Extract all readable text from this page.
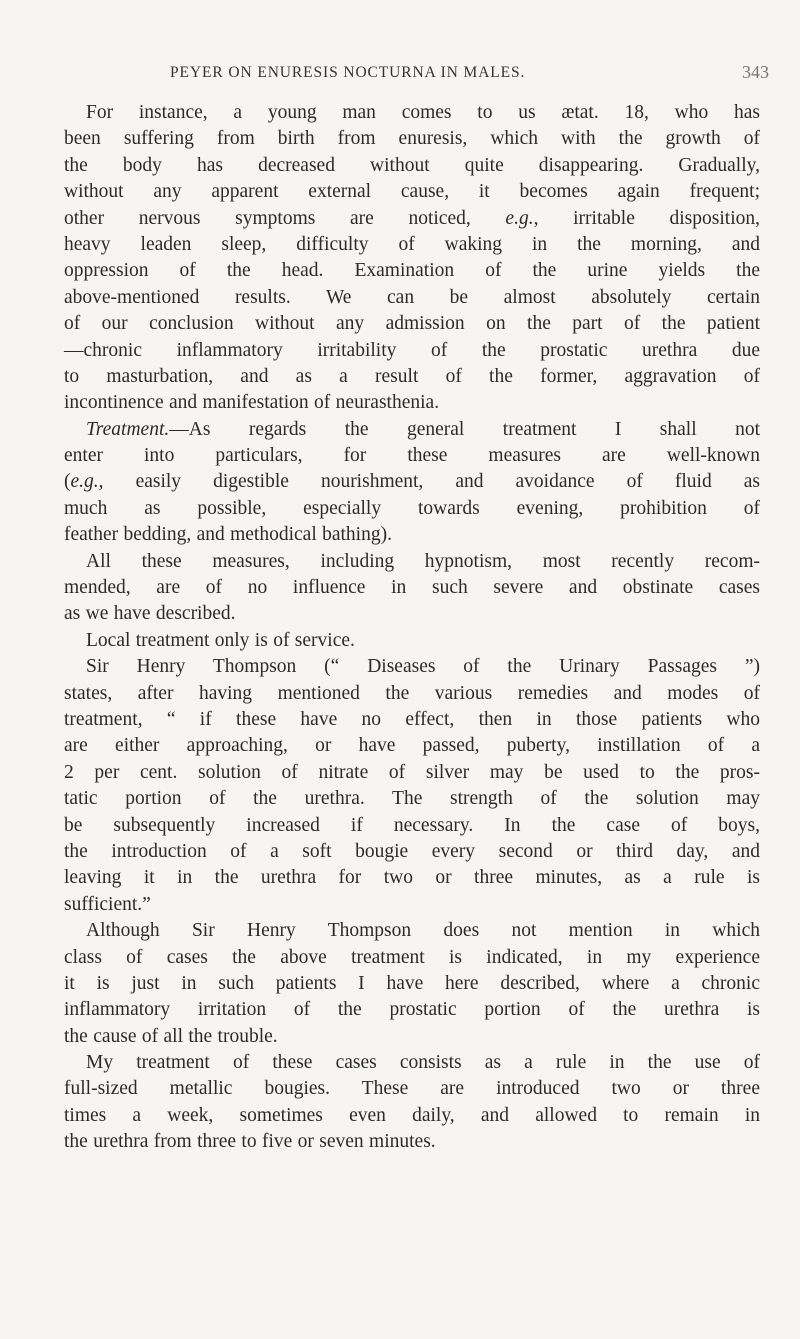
PEYER ON ENURESIS NOCTURNA IN MALES.	343
For instance, a young man comes to us ætat. 18, who has
been suffering from birth from enuresis, which with the growth of
the body has decreased without quite disappearing. Gradually,
without any apparent external cause, it becomes again frequent;
other nervous symptoms are noticed, e.g., irritable disposition,
heavy leaden sleep, difficulty of waking in the morning, and
oppression of the head. Examination of the urine yields the
above-mentioned results. We can be almost absolutely certain
of our conclusion without any admission on the part of the patient
—chronic inflammatory irritability of the prostatic urethra due
to masturbation, and as a result of the former, aggravation of
incontinence and manifestation of neurasthenia.
Treatment.—As regards the general treatment I shall not
enter into particulars, for these measures are well-known
(e.g., easily digestible nourishment, and avoidance of fluid as
much as possible, especially towards evening, prohibition of
feather bedding, and methodical bathing).
All these measures, including hypnotism, most recently recom-
mended, are of no influence in such severe and obstinate cases
as we have described.
Local treatment only is of service.
Sir Henry Thompson (“ Diseases of the Urinary Passages ”)
states, after having mentioned the various remedies and modes of
treatment, “ if these have no effect, then in those patients who
are either approaching, or have passed, puberty, instillation of a
2 per cent. solution of nitrate of silver may be used to the pros-
tatic portion of the urethra. The strength of the solution may
be subsequently increased if necessary. In the case of boys,
the introduction of a soft bougie every second or third day, and
leaving it in the urethra for two or three minutes, as a rule is
sufficient.”
Although Sir Henry Thompson does not mention in which
class of cases the above treatment is indicated, in my experience
it is just in such patients I have here described, where a chronic
inflammatory irritation of the prostatic portion of the urethra is
the cause of all the trouble.
My treatment of these cases consists as a rule in the use of
full-sized metallic bougies. These are introduced two or three
times a week, sometimes even daily, and allowed to remain in
the urethra from three to five or seven minutes.
